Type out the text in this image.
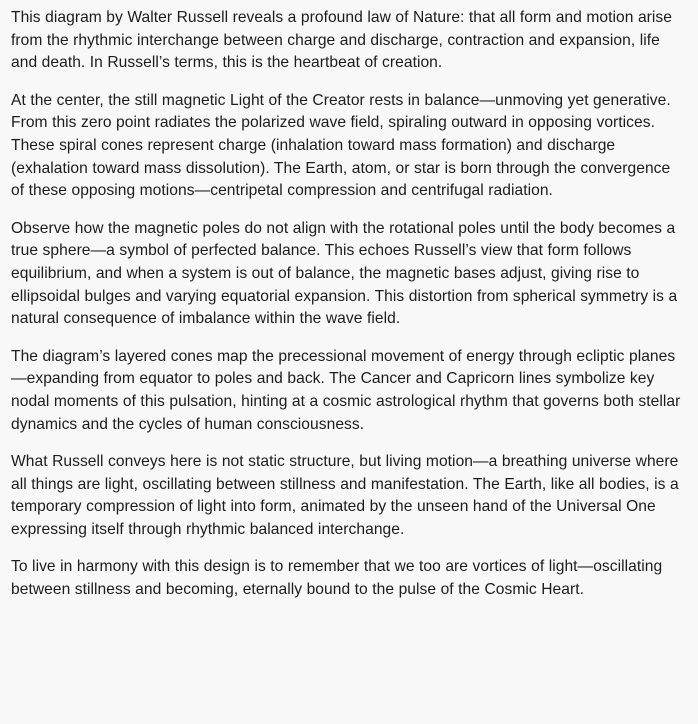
This diagram by Walter Russell reveals a profound law of Nature: that all form and motion arise from the rhythmic interchange between charge and discharge, contraction and expansion, life and death. In Russell’s terms, this is the heartbeat of creation.

At the center, the still magnetic Light of the Creator rests in balance—unmoving yet generative. From this zero point radiates the polarized wave field, spiraling outward in opposing vortices. These spiral cones represent charge (inhalation toward mass formation) and discharge (exhalation toward mass dissolution). The Earth, atom, or star is born through the convergence of these opposing motions—centripetal compression and centrifugal radiation.

Observe how the magnetic poles do not align with the rotational poles until the body becomes a true sphere—a symbol of perfected balance. This echoes Russell’s view that form follows equilibrium, and when a system is out of balance, the magnetic bases adjust, giving rise to ellipsoidal bulges and varying equatorial expansion. This distortion from spherical symmetry is a natural consequence of imbalance within the wave field.

The diagram’s layered cones map the precessional movement of energy through ecliptic planes—expanding from equator to poles and back. The Cancer and Capricorn lines symbolize key nodal moments of this pulsation, hinting at a cosmic astrological rhythm that governs both stellar dynamics and the cycles of human consciousness.

What Russell conveys here is not static structure, but living motion—a breathing universe where all things are light, oscillating between stillness and manifestation. The Earth, like all bodies, is a temporary compression of light into form, animated by the unseen hand of the Universal One expressing itself through rhythmic balanced interchange.

To live in harmony with this design is to remember that we too are vortices of light—oscillating between stillness and becoming, eternally bound to the pulse of the Cosmic Heart.
